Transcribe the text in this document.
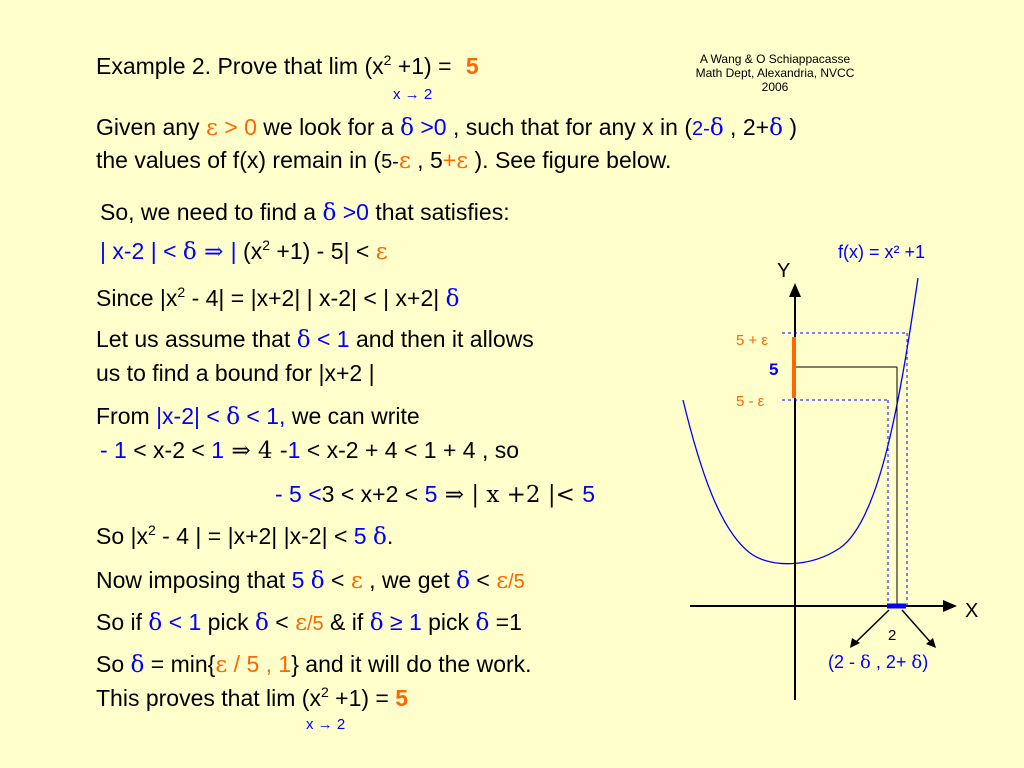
A Wang & O Schiappacasse
Math Dept, Alexandria, NVCC
2006
Example 2. Prove that $\lim (x^2 +1) = 5$
x → 2
Given any ε > 0 we look for a δ >0 , such that for any x in (2-δ , 2+δ )
the values of f(x) remain in (5-ε , 5+ε ). See figure below.
So, we need to find a δ >0 that satisfies:
| x-2 | < δ ⇒ | $(x^2 +1) - 5| < \varepsilon$
Since $|x^2 - 4| = |x+2|$ | x-2| < | x+2| δ
Let us assume that δ < 1 and then it allows
us to find a bound for |x+2 |
From |x-2| < δ < 1, we can write
- 1 < x-2 < 1 ⇒ 4 -1 < x-2 + 4 < 1 + 4 , so
- 5 <3 < x+2 < 5 ⇒ | x +2 |< 5
So $|x^2 - 4$ | = |x+2| |x-2| < 5 δ.
Now imposing that 5 δ < ε , we get δ < ε/5
So if δ < 1 pick δ < ε/5 & if δ ≥ 1 pick δ =1
So δ = min{ε / 5 , 1} and it will do the work.
This proves that $\lim (x^2 +1) = 5$
x → 2
f(x) = x² +1
Y
X
5 + ε
5
5 - ε
2
(2 - δ , 2+ δ)
